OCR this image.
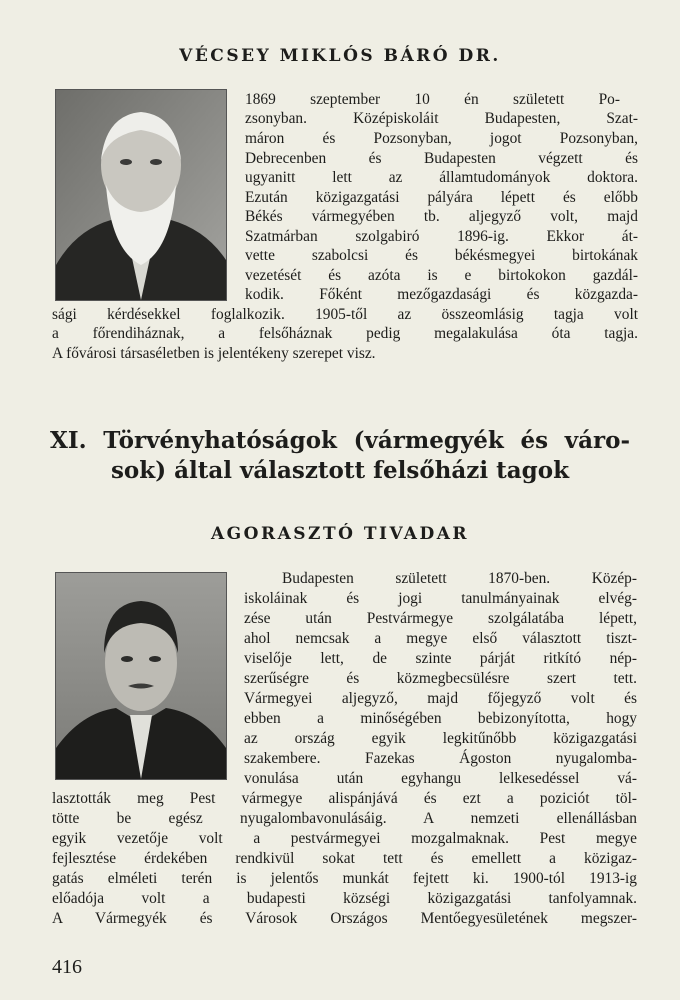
VÉCSEY MIKLÓS BÁRÓ DR.
1869 szeptember 10 én született Po-
zsonyban. Középiskoláit Budapesten, Szat-
máron és Pozsonyban, jogot Pozsonyban,
Debrecenben és Budapesten végzett és
ugyanitt lett az államtudományok doktora.
Ezután közigazgatási pályára lépett és előbb
Békés vármegyében tb. aljegyző volt, majd
Szatmárban szolgabiró 1896-ig. Ekkor át-
vette szabolcsi és békésmegyei birtokának
vezetését és azóta is e birtokokon gazdál-
kodik. Főként mezőgazdasági és közgazda-
sági kérdésekkel foglalkozik. 1905-től az összeomlásig tagja volt
a főrendiháznak, a felsőháznak pedig megalakulása óta tagja.
A fővárosi társaséletben is jelentékeny szerepet visz.
XI. Törvényhatóságok (vármegyék és váro-
sok) által választott felsőházi tagok
AGORASZTÓ TIVADAR
Budapesten született 1870-ben. Közép-
iskoláinak és jogi tanulmányainak elvég-
zése után Pestvármegye szolgálatába lépett,
ahol nemcsak a megye első választott tiszt-
viselője lett, de szinte párját ritkító nép-
szerűségre és közmegbecsülésre szert tett.
Vármegyei aljegyző, majd főjegyző volt és
ebben a minőségében bebizonyította, hogy
az ország egyik legkitűnőbb közigazgatási
szakembere. Fazekas Ágoston nyugalomba-
vonulása után egyhangu lelkesedéssel vá-
lasztották meg Pest vármegye alispánjává és ezt a poziciót töl-
tötte be egész nyugalombavonulásáig. A nemzeti ellenállásban
egyik vezetője volt a pestvármegyei mozgalmaknak. Pest megye
fejlesztése érdekében rendkivül sokat tett és emellett a közigaz-
gatás elméleti terén is jelentős munkát fejtett ki. 1900-tól 1913-ig
előadója volt a budapesti községi közigazgatási tanfolyamnak.
A Vármegyék és Városok Országos Mentőegyesületének megszer-
416
